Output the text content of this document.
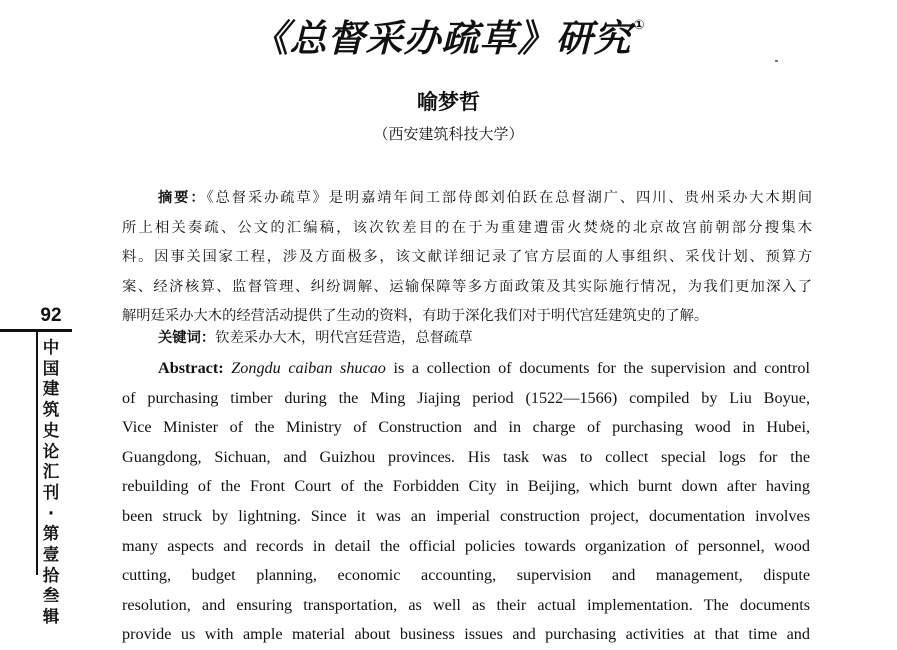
《总督采办疏草》研究 ①
喻梦哲
（西安建筑科技大学）
摘要：《总督采办疏草》是明嘉靖年间工部侍郎刘伯跃在总督湖广、四川、贵州采办大木期间
所上相关奏疏、公文的汇编稿，该次钦差目的在于为重建遭雷火焚烧的北京故宫前朝部分搜集木
料。因事关国家工程，涉及方面极多，该文献详细记录了官方层面的人事组织、采伐计划、预算方
案、经济核算、监督管理、纠纷调解、运输保障等多方面政策及其实际施行情况，为我们更加深入了
解明廷采办大木的经营活动提供了生动的资料，有助于深化我们对于明代宫廷建筑史的了解。
关键词：钦差采办大木，明代宫廷营造，总督疏草
Abstract: Zongdu caiban shucao is a collection of documents for the supervision and control
of purchasing timber during the Ming Jiajing period (1522—1566) compiled by Liu Boyue,
Vice Minister of the Ministry of Construction and in charge of purchasing wood in Hubei,
Guangdong, Sichuan, and Guizhou provinces. His task was to collect special logs for the
rebuilding of the Front Court of the Forbidden City in Beijing, which burnt down after having
been struck by lightning. Since it was an imperial construction project, documentation involves
many aspects and records in detail the official policies towards organization of personnel, wood
cutting, budget planning, economic accounting, supervision and management, dispute
resolution, and ensuring transportation, as well as their actual implementation. The documents
provide us with ample material about business issues and purchasing activities at that time and
92
中国建筑史论汇刊·第壹拾叁辑
